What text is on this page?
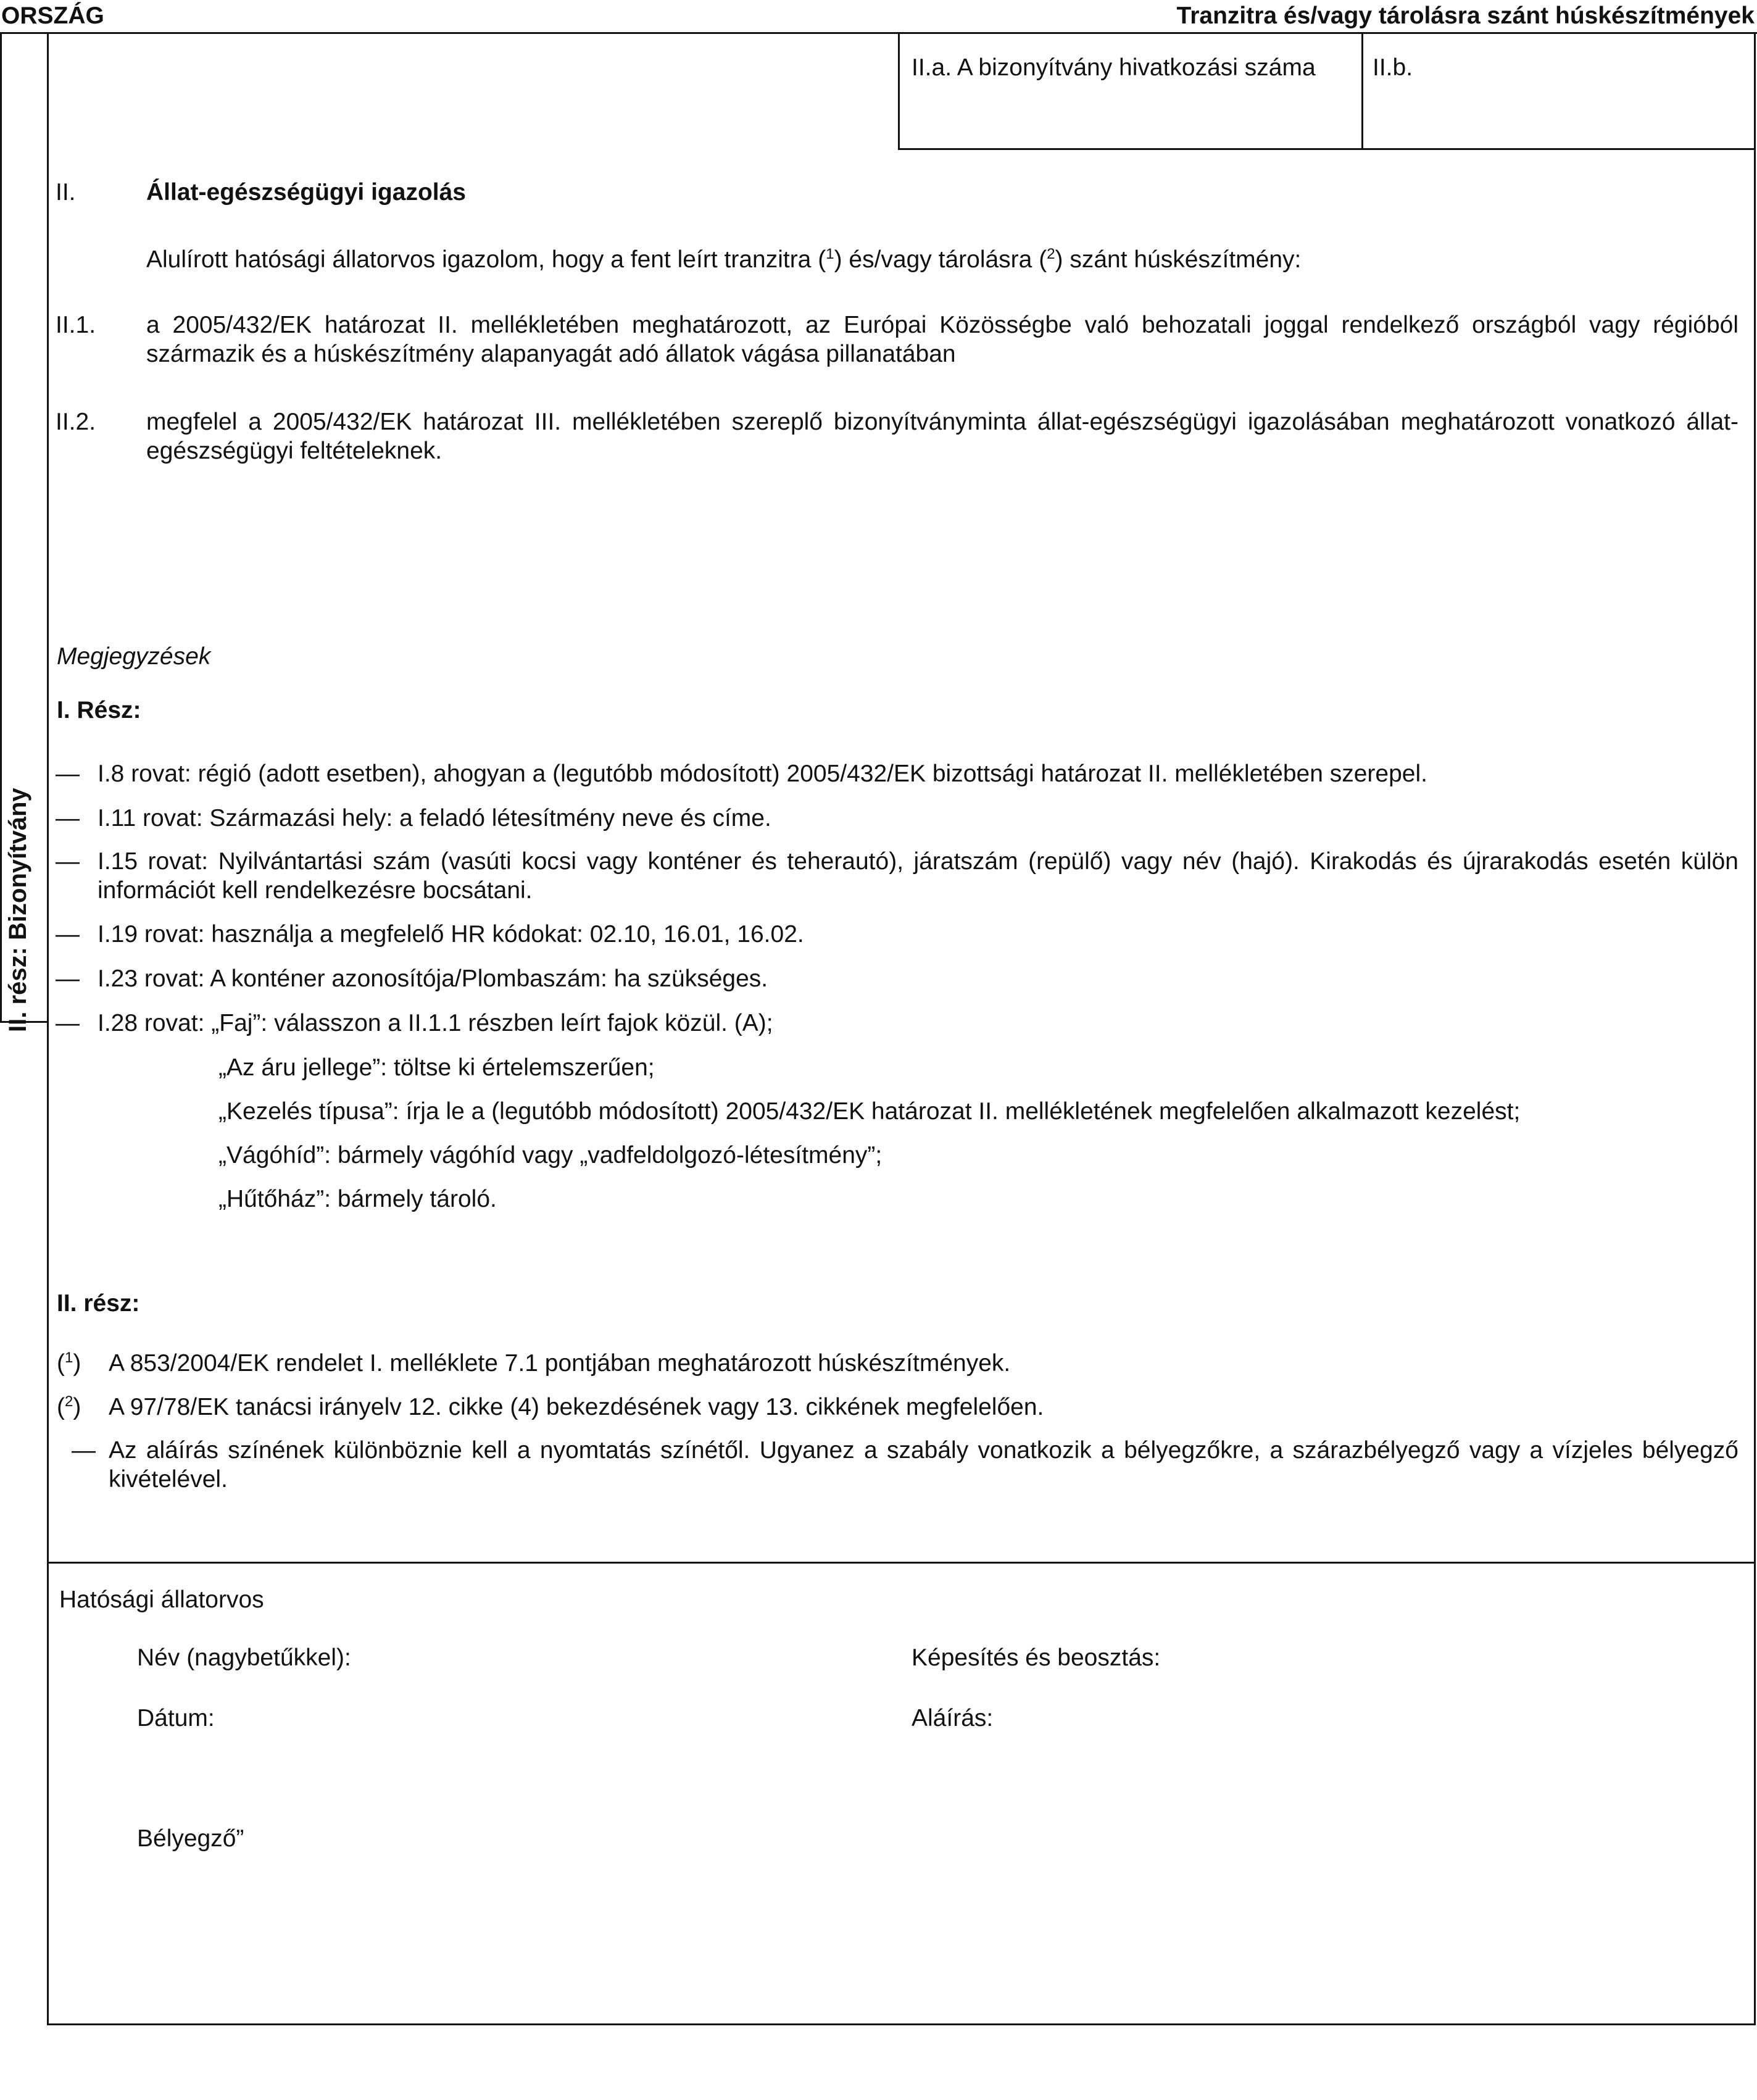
ORSZÁG	Tranzitra és/vagy tárolásra szánt húskészítmények
II.a. A bizonyítvány hivatkozási száma II.b.
II. rész: Bizonyítvány
II.	Állat-egészségügyi igazolás
Alulírott hatósági állatorvos igazolom, hogy a fent leírt tranzitra ($^1$) és/vagy tárolásra ($^2$) szánt húskészítmény:
II.1. a 2005/432/EK határozat II. mellékletében meghatározott, az Európai Közösségbe való behozatali joggal rendelkező országból vagy régióból származik és a húskészítmény alapanyagát adó állatok vágása pillanatában
II.2. megfelel a 2005/432/EK határozat III. mellékletében szereplő bizonyítványminta állat-egészségügyi igazolásában meghatározott vonatkozó állat-egészségügyi feltételeknek.
Megjegyzések
I. Rész:
— I.8 rovat: régió (adott esetben), ahogyan a (legutóbb módosított) 2005/432/EK bizottsági határozat II. mellékletében szerepel.
— I.11 rovat: Származási hely: a feladó létesítmény neve és címe.
— I.15 rovat: Nyilvántartási szám (vasúti kocsi vagy konténer és teherautó), járatszám (repülő) vagy név (hajó). Kirakodás és újrarakodás esetén külön információt kell rendelkezésre bocsátani.
— I.19 rovat: használja a megfelelő HR kódokat: 02.10, 16.01, 16.02.
— I.23 rovat: A konténer azonosítója/Plombaszám: ha szükséges.
— I.28 rovat: „Faj”: válasszon a II.1.1 részben leírt fajok közül. (A);
„Az áru jellege”: töltse ki értelemszerűen;
„Kezelés típusa”: írja le a (legutóbb módosított) 2005/432/EK határozat II. mellékletének megfelelően alkalmazott kezelést;
„Vágóhíd”: bármely vágóhíd vagy „vadfeldolgozó-létesítmény”;
„Hűtőház”: bármely tároló.
II. rész:
($^1$) A 853/2004/EK rendelet I. melléklete 7.1 pontjában meghatározott húskészítmények.
($^2$) A 97/78/EK tanácsi irányelv 12. cikke (4) bekezdésének vagy 13. cikkének megfelelően.
— Az aláírás színének különböznie kell a nyomtatás színétől. Ugyanez a szabály vonatkozik a bélyegzőkre, a szárazbélyegző vagy a vízjeles bélyegző kivételével.
Hatósági állatorvos
Név (nagybetűkkel):	Képesítés és beosztás:
Dátum:	Aláírás:
Bélyegző”
